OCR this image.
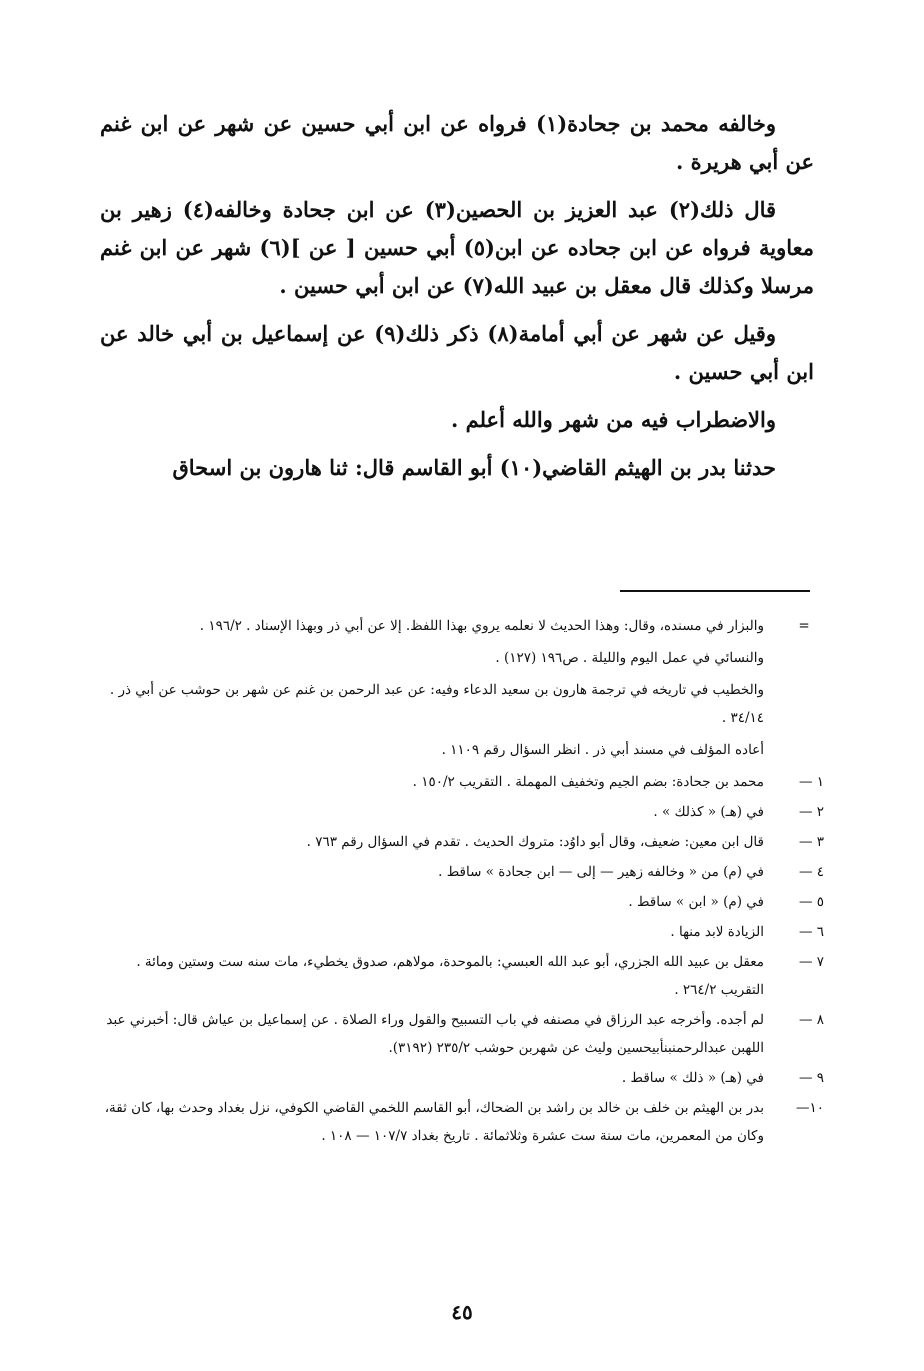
وخالفه محمد بن جحادة(١) فرواه عن ابن أبي حسين عن شهر عن ابن غنم عن أبي هريرة .

قال ذلك(٢) عبد العزيز بن الحصين(٣) عن ابن جحادة وخالفه(٤) زهير بن معاوية فرواه عن ابن جحاده عن ابن(٥) أبي حسين [ عن ](٦) شهر عن ابن غنم مرسلا وكذلك قال معقل بن عبيد الله(٧) عن ابن أبي حسين .

وقيل عن شهر عن أبي أمامة(٨) ذكر ذلك(٩) عن إسماعيل بن أبي خالد عن ابن أبي حسين .

والاضطراب فيه من شهر والله أعلم .

حدثنا بدر بن الهيثم القاضي(١٠) أبو القاسم قال: ثنا هارون بن اسحاق

=
والبزار في مسنده، وقال: وهذا الحديث لا نعلمه يروي بهذا اللفظ. إلا عن أبي ذر وبهذا الإسناد . ١٩٦/٢ .
والنسائي في عمل اليوم والليلة . ص١٩٦ (١٢٧) .
والخطيب في تاريخه في ترجمة هارون بن سعيد الدعاء وفيه: عن عبد الرحمن بن غنم عن شهر بن حوشب عن أبي ذر . ٣٤/١٤ .
أعاده المؤلف في مسند أبي ذر . انظر السؤال رقم ١١٠٩ .
١ —
محمد بن جحادة: بضم الجيم وتخفيف المهملة . التقريب ١٥٠/٢ .
٢ —
في (هـ) « كذلك » .
٣ —
قال ابن معين: ضعيف، وقال أبو داوُد: متروك الحديث . تقدم في السؤال رقم ٧٦٣ .
٤ —
في (م) من « وخالفه زهير — إلى — ابن جحادة » ساقط .
٥ —
في (م) « ابن » ساقط .
٦ —
الزيادة لابد منها .
٧ —
معقل بن عبيد الله الجزري، أبو عبد الله العبسي: بالموحدة، مولاهم، صدوق يخطيء، مات سنه ست وستين ومائة . التقريب ٢٦٤/٢ .
٨ —
لم أجده. وأخرجه عبد الرزاق في مصنفه في باب التسبيح والقول وراء الصلاة . عن إسماعيل بن عياش قال: أخبرني عبد اللهبن عبدالرحمنبنأبيحسين وليث عن شهربن حوشب ٢٣٥/٢ (٣١٩٢).
٩ —
في (هـ) « ذلك » ساقط .
١٠—
بدر بن الهيثم بن خلف بن خالد بن راشد بن الضحاك، أبو القاسم اللخمي القاضي الكوفي، نزل بغداد وحدث بها، كان ثقة، وكان من المعمرين، مات سنة ست عشرة وثلاثمائة . تاريخ بغداد ١٠٧/٧ — ١٠٨ .
٤٥
